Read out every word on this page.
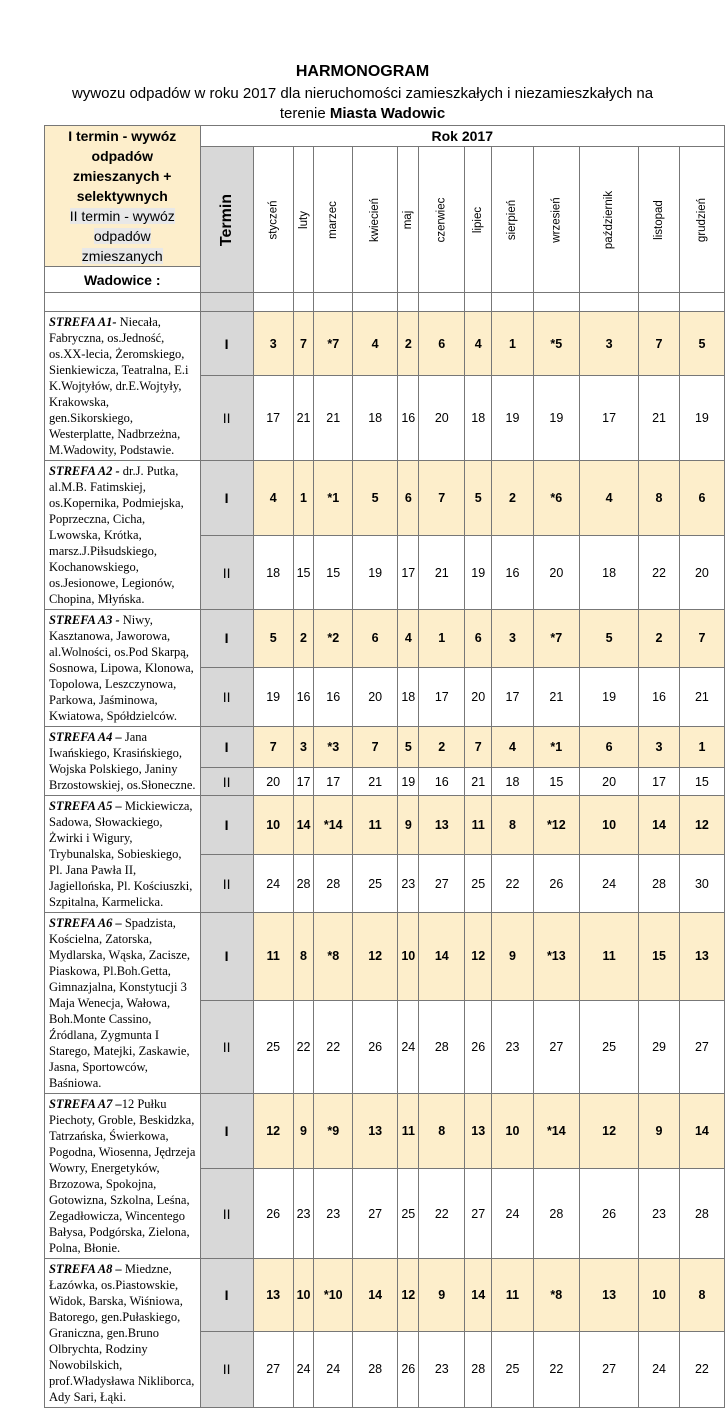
HARMONOGRAM
wywozu odpadów w roku 2017 dla nieruchomości zamieszkałych i niezamieszkałych na
terenie Miasta Wadowic
I termin - wywóz odpadów
zmieszanych + selektywnych
II termin - wywóz odpadów
zmieszanych	Rok 2017												

	Termin	styczeń	luty	marzec	kwiecień	maj	czerwiec	lipiec	sierpień	wrzesień	październik	listopad	grudzień

Wadowice :													

STREFA A1- Niecała, Fabryczna, os.Jedność, os.XX-lecia, Żeromskiego, Sienkiewicza, Teatralna, E.i K.Wojtyłów, dr.E.Wojtyły, Krakowska, gen.Sikorskiego, Westerplatte, Nadbrzeżna, M.Wadowity, Podstawie.	I	3	7	*7	4	2	6	4	1	*5	3	7	5
	II	17	21	21	18	16	20	18	19	19	17	21	19
STREFA A2 - dr.J. Putka, al.M.B. Fatimskiej, os.Kopernika, Podmiejska, Poprzeczna, Cicha, Lwowska, Krótka, marsz.J.Piłsudskiego, Kochanowskiego, os.Jesionowe, Legionów, Chopina, Młyńska.	I	4	1	*1	5	6	7	5	2	*6	4	8	6
	II	18	15	15	19	17	21	19	16	20	18	22	20
STREFA A3 - Niwy, Kasztanowa, Jaworowa, al.Wolności, os.Pod Skarpą, Sosnowa, Lipowa, Klonowa, Topolowa, Leszczynowa, Parkowa, Jaśminowa, Kwiatowa, Spółdzielców.	I	5	2	*2	6	4	1	6	3	*7	5	2	7
	II	19	16	16	20	18	17	20	17	21	19	16	21
STREFA A4 – Jana Iwańskiego, Krasińskiego, Wojska Polskiego, Janiny Brzostowskiej, os.Słoneczne.	I	7	3	*3	7	5	2	7	4	*1	6	3	1
	II	20	17	17	21	19	16	21	18	15	20	17	15
STREFA A5 – Mickiewicza, Sadowa, Słowackiego, Żwirki i Wigury, Trybunalska, Sobieskiego, Pl. Jana Pawła II, Jagiellońska, Pl. Kościuszki, Szpitalna, Karmelicka.	I	10	14	*14	11	9	13	11	8	*12	10	14	12
	II	24	28	28	25	23	27	25	22	26	24	28	30
STREFA A6 – Spadzista, Kościelna, Zatorska, Mydlarska, Wąska, Zacisze, Piaskowa, Pl.Boh.Getta, Gimnazjalna, Konstytucji 3 Maja Wenecja, Wałowa, Boh.Monte Cassino, Źródlana, Zygmunta I Starego, Matejki, Zaskawie, Jasna, Sportowców, Baśniowa.	I	11	8	*8	12	10	14	12	9	*13	11	15	13
	II	25	22	22	26	24	28	26	23	27	25	29	27
STREFA A7 –12 Pułku Piechoty, Groble, Beskidzka, Tatrzańska, Świerkowa, Pogodna, Wiosenna, Jędrzeja Wowry, Energetyków, Brzozowa, Spokojna, Gotowizna, Szkolna, Leśna, Zegadłowicza, Wincentego Bałysa, Podgórska, Zielona, Polna, Błonie.	I	12	9	*9	13	11	8	13	10	*14	12	9	14
	II	26	23	23	27	25	22	27	24	28	26	23	28
STREFA A8 – Miedzne, Łazówka, os.Piastowskie, Widok, Barska, Wiśniowa, Batorego, gen.Pułaskiego, Graniczna, gen.Bruno Olbrychta, Rodziny Nowobilskich, prof.Władysława Nikliborca, Ady Sari, Łąki.	I	13	10	*10	14	12	9	14	11	*8	13	10	8
	II	27	24	24	28	26	23	28	25	22	27	24	22
